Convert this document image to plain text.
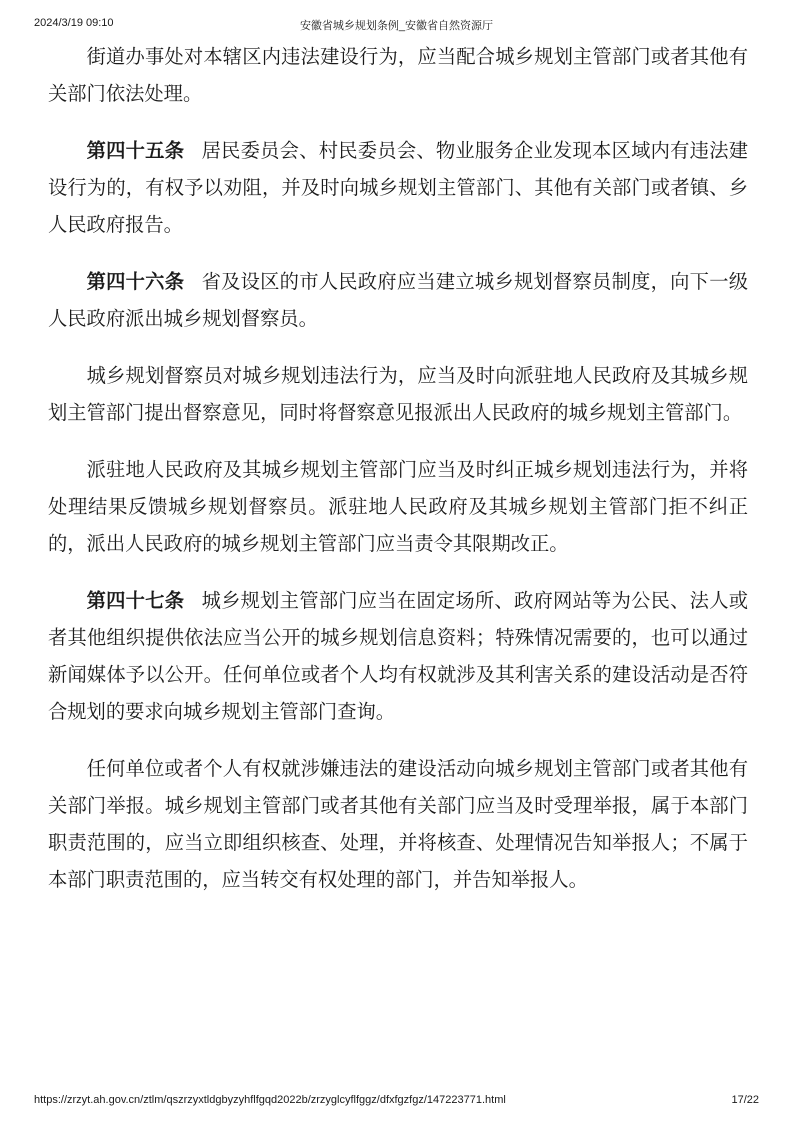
2024/3/19 09:10	安徽省城乡规划条例_安徽省自然资源厅

街道办事处对本辖区内违法建设行为，应当配合城乡规划主管部门或者其他有关部门依法处理。

第四十五条 居民委员会、村民委员会、物业服务企业发现本区域内有违法建设行为的，有权予以劝阻，并及时向城乡规划主管部门、其他有关部门或者镇、乡人民政府报告。

第四十六条 省及设区的市人民政府应当建立城乡规划督察员制度，向下一级人民政府派出城乡规划督察员。

城乡规划督察员对城乡规划违法行为，应当及时向派驻地人民政府及其城乡规划主管部门提出督察意见，同时将督察意见报派出人民政府的城乡规划主管部门。

派驻地人民政府及其城乡规划主管部门应当及时纠正城乡规划违法行为，并将处理结果反馈城乡规划督察员。派驻地人民政府及其城乡规划主管部门拒不纠正的，派出人民政府的城乡规划主管部门应当责令其限期改正。

第四十七条 城乡规划主管部门应当在固定场所、政府网站等为公民、法人或者其他组织提供依法应当公开的城乡规划信息资料；特殊情况需要的，也可以通过新闻媒体予以公开。任何单位或者个人均有权就涉及其利害关系的建设活动是否符合规划的要求向城乡规划主管部门查询。

任何单位或者个人有权就涉嫌违法的建设活动向城乡规划主管部门或者其他有关部门举报。城乡规划主管部门或者其他有关部门应当及时受理举报，属于本部门职责范围的，应当立即组织核查、处理，并将核查、处理情况告知举报人；不属于本部门职责范围的，应当转交有权处理的部门，并告知举报人。

https://zrzyt.ah.gov.cn/ztlm/qszrzyxtldgbyzyhflfgqd2022b/zrzyglcyflfggz/dfxfgzfgz/147223771.html	17/22
